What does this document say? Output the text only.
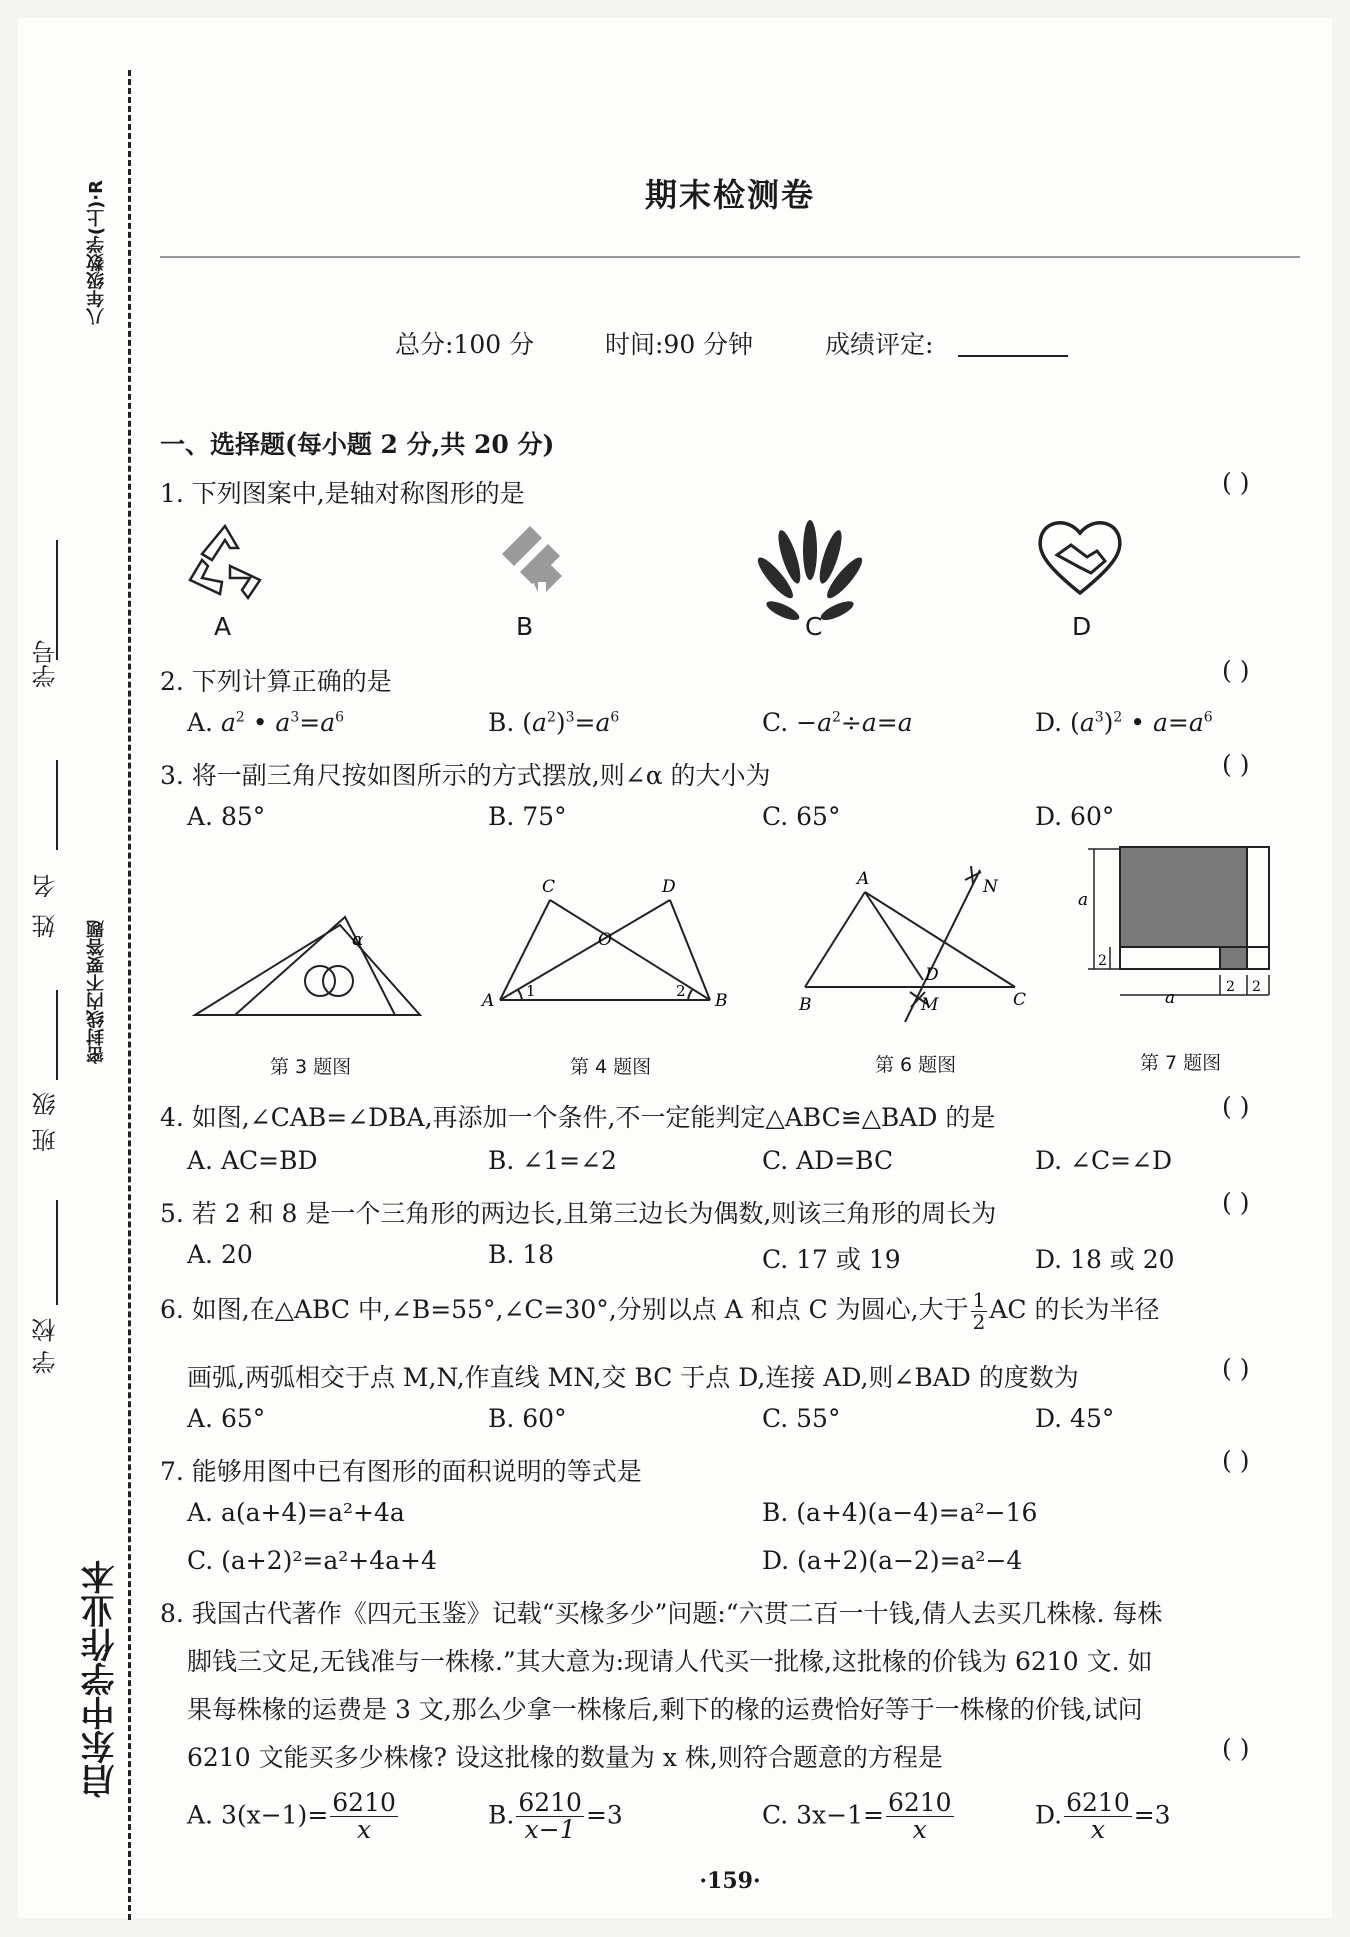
八年级数学(上)·R
密封线内不要答题
学号
姓名
班级
学校
启东中学作业本
期末检测卷
总分:100 分	时间:90 分钟	成绩评定:
一、选择题(每小题 2 分,共 20 分)
1. 下列图案中,是轴对称图形的是	( )
A	B	C	D
2. 下列计算正确的是	( )
A. $a^2$ • $a^3=a^6$	B. $(a^2)^3=a^6$	C. $-a^2\div a=a$	D. $(a^3)^2$ • $a=a^6$
3. 将一副三角尺按如图所示的方式摆放,则∠α 的大小为	( )
A. 85°	B. 75°	C. 65°	D. 60°
α
C	D
O
A	B
1	2
A	N
D
M
B	C
a
2
2 2
a
第 3 题图	第 4 题图	第 6 题图	第 7 题图
4. 如图,∠CAB=∠DBA,再添加一个条件,不一定能判定△ABC≌△BAD 的是	( )
A. AC=BD	B. ∠1=∠2	C. AD=BC	D. ∠C=∠D
5. 若 2 和 8 是一个三角形的两边长,且第三边长为偶数,则该三角形的周长为	( )
A. 20	B. 18	C. 17 或 19	D. 18 或 20
6. 如图,在△ABC 中,∠B=55°,∠C=30°,分别以点 A 和点 C 为圆心,大于 $\frac{1}{2}$ AC 的长为半径
画弧,两弧相交于点 M,N,作直线 MN,交 BC 于点 D,连接 AD,则∠BAD 的度数为	( )
A. 65°	B. 60°	C. 55°	D. 45°
7. 能够用图中已有图形的面积说明的等式是	( )
A. a(a+4)=a²+4a	B. (a+4)(a−4)=a²−16
C. (a+2)²=a²+4a+4	D. (a+2)(a−2)=a²−4
8. 我国古代著作《四元玉鉴》记载“买椽多少”问题:“六贯二百一十钱,倩人去买几株椽. 每株
脚钱三文足,无钱准与一株椽.”其大意为:现请人代买一批椽,这批椽的价钱为 6210 文. 如
果每株椽的运费是 3 文,那么少拿一株椽后,剩下的椽的运费恰好等于一株椽的价钱,试问
6210 文能买多少株椽? 设这批椽的数量为 x 株,则符合题意的方程是	( )
A. $3(x-1)= \frac{6210}{x}$	B. $\frac{6210}{x-1} =3$	C. $3x-1= \frac{6210}{x}$	D. $\frac{6210}{x} =3$
·159·
